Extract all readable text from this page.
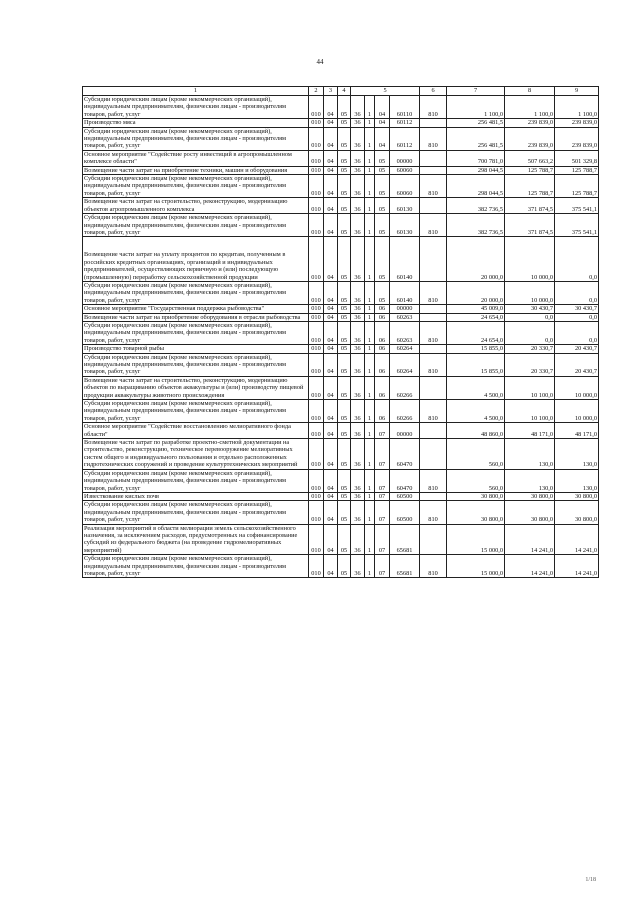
44
1	2	3	4	5				6	7	8	9
Субсидии юридическим лицам (кроме некоммерческих организаций), индивидуальным предпринимателям, физическим лицам - производителям товаров, работ, услуг	010	04	05	36	1	04	60110	810	1 100,0	1 100,0	1 100,0
Производство мяса	010	04	05	36	1	04	60112		256 481,5	239 839,0	239 839,0
Субсидии юридическим лицам (кроме некоммерческих организаций), индивидуальным предпринимателям, физическим лицам - производителям товаров, работ, услуг	010	04	05	36	1	04	60112	810	256 481,5	239 839,0	239 839,0
Основное мероприятие "Содействие росту инвестиций в агропромышленном комплексе области"	010	04	05	36	1	05	00000		700 781,0	507 663,2	501 329,8
Возмещение части затрат на приобретение техники, машин и оборудования	010	04	05	36	1	05	60060		298 044,5	125 788,7	125 788,7
Субсидии юридическим лицам (кроме некоммерческих организаций), индивидуальным предпринимателям, физическим лицам - производителям товаров, работ, услуг	010	04	05	36	1	05	60060	810	298 044,5	125 788,7	125 788,7
Возмещение части затрат на строительство, реконструкцию, модернизацию объектов агропромышленного комплекса	010	04	05	36	1	05	60130		382 736,5	371 874,5	375 541,1
Субсидии юридическим лицам (кроме некоммерческих организаций), индивидуальным предпринимателям, физическим лицам - производителям товаров, работ, услуг	010	04	05	36	1	05	60130	810	382 736,5	371 874,5	375 541,1
Возмещение части затрат на уплату процентов по кредитам, полученным в российских кредитных организациях, организаций и индивидуальных предпринимателей, осуществляющих первичную и (или) последующую (промышленную) переработку сельскохозяйственной продукции	010	04	05	36	1	05	60140		20 000,0	10 000,0	0,0
Субсидии юридическим лицам (кроме некоммерческих организаций), индивидуальным предпринимателям, физическим лицам - производителям товаров, работ, услуг	010	04	05	36	1	05	60140	810	20 000,0	10 000,0	0,0
Основное мероприятие "Государственная поддержка рыбоводства"	010	04	05	36	1	06	00000		45 009,0	30 430,7	30 430,7
Возмещение части затрат на приобретение оборудования в отрасли рыбоводства	010	04	05	36	1	06	60263		24 654,0	0,0	0,0
Субсидии юридическим лицам (кроме некоммерческих организаций), индивидуальным предпринимателям, физическим лицам - производителям товаров, работ, услуг	010	04	05	36	1	06	60263	810	24 654,0	0,0	0,0
Производство товарной рыбы	010	04	05	36	1	06	60264		15 855,0	20 330,7	20 430,7
Субсидии юридическим лицам (кроме некоммерческих организаций), индивидуальным предпринимателям, физическим лицам - производителям товаров, работ, услуг	010	04	05	36	1	06	60264	810	15 855,0	20 330,7	20 430,7
Возмещение части затрат на строительство, реконструкцию, модернизацию объектов по выращиванию объектов аквакультуры и (или) производству пищевой продукции аквакультуры животного происхождения	010	04	05	36	1	06	60266		4 500,0	10 100,0	10 000,0
Субсидии юридическим лицам (кроме некоммерческих организаций), индивидуальным предпринимателям, физическим лицам - производителям товаров, работ, услуг	010	04	05	36	1	06	60266	810	4 500,0	10 100,0	10 000,0
Основное мероприятие "Содействие восстановлению мелиоративного фонда области"	010	04	05	36	1	07	00000		48 860,0	48 171,0	48 171,0
Возмещение части затрат по разработке проектно-сметной документации на строительство, реконструкцию, техническое перевооружение мелиоративных систем общего и индивидуального пользования и отдельно расположенных гидротехнических сооружений и проведение культуртехнических мероприятий	010	04	05	36	1	07	60470		560,0	130,0	130,0
Субсидии юридическим лицам (кроме некоммерческих организаций), индивидуальным предпринимателям, физическим лицам - производителям товаров, работ, услуг	010	04	05	36	1	07	60470	810	560,0	130,0	130,0
Известкование кислых почв	010	04	05	36	1	07	60500		30 800,0	30 800,0	30 800,0
Субсидии юридическим лицам (кроме некоммерческих организаций), индивидуальным предпринимателям, физическим лицам - производителям товаров, работ, услуг	010	04	05	36	1	07	60500	810	30 800,0	30 800,0	30 800,0
Реализация мероприятий в области мелиорации земель сельскохозяйственного назначения, за исключением расходов, предусмотренных на софинансирование субсидий из федерального бюджета (на проведение гидромелиоративных мероприятий)	010	04	05	36	1	07	65681		15 000,0	14 241,0	14 241,0
Субсидии юридическим лицам (кроме некоммерческих организаций), индивидуальным предпринимателям, физическим лицам - производителям товаров, работ, услуг	010	04	05	36	1	07	65681	810	15 000,0	14 241,0	14 241,0
1/18
